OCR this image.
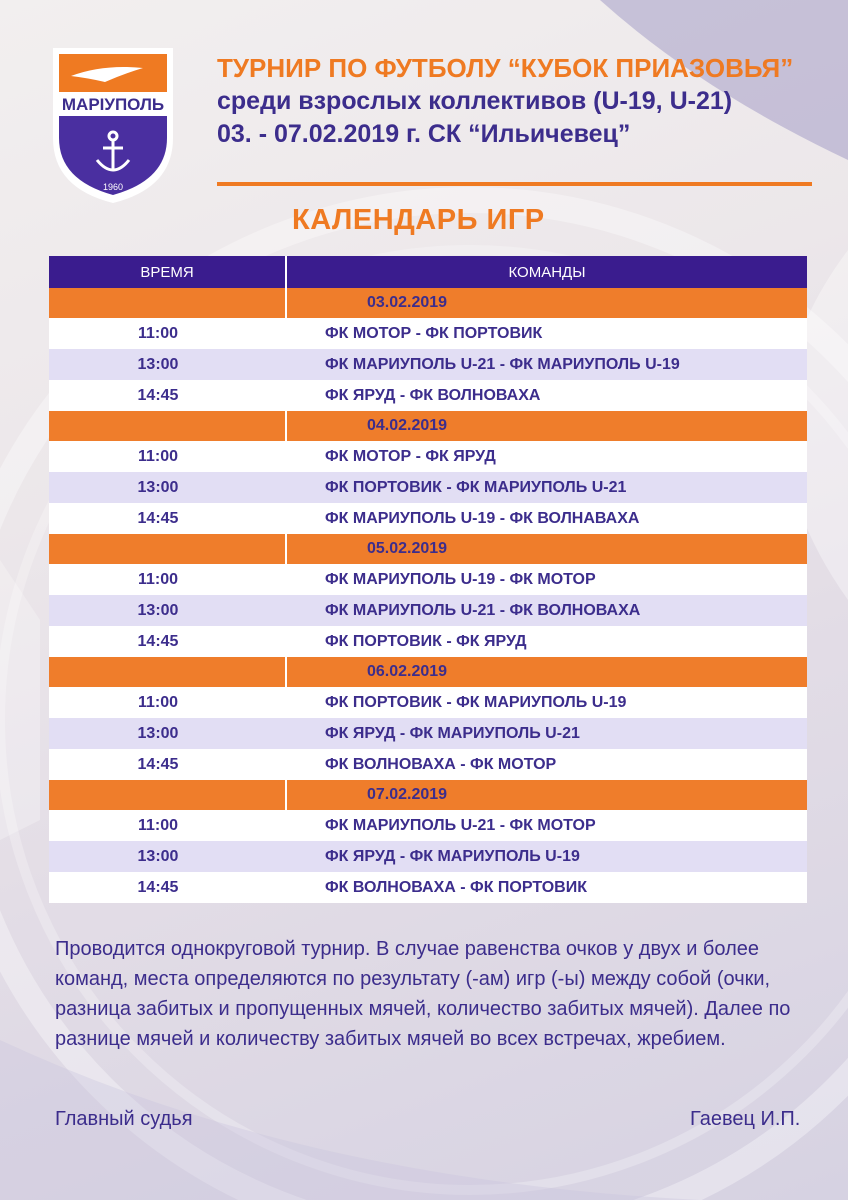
МАРІУПОЛЬ
1960

ТУРНИР ПО ФУТБОЛУ “КУБОК ПРИАЗОВЬЯ”

среди взрослых коллективов (U-19, U-21)

03. - 07.02.2019 г. СК “Ильичевец”

КАЛЕНДАРЬ ИГР
ВРЕМЯ	КОМАНДЫ
03.02.2019
11:00	ФК МОТОР - ФК ПОРТОВИК
13:00	ФК МАРИУПОЛЬ U-21 - ФК МАРИУПОЛЬ U-19
14:45	ФК ЯРУД - ФК ВОЛНОВАХА
04.02.2019
11:00	ФК МОТОР - ФК ЯРУД
13:00	ФК ПОРТОВИК - ФК МАРИУПОЛЬ U-21
14:45	ФК МАРИУПОЛЬ U-19 - ФК ВОЛНАВАХА
05.02.2019
11:00	ФК МАРИУПОЛЬ U-19 - ФК МОТОР
13:00	ФК МАРИУПОЛЬ U-21 - ФК ВОЛНОВАХА
14:45	ФК ПОРТОВИК - ФК ЯРУД
06.02.2019
11:00	ФК ПОРТОВИК - ФК МАРИУПОЛЬ U-19
13:00	ФК ЯРУД - ФК МАРИУПОЛЬ U-21
14:45	ФК ВОЛНОВАХА - ФК МОТОР
07.02.2019
11:00	ФК МАРИУПОЛЬ U-21 - ФК МОТОР
13:00	ФК ЯРУД - ФК МАРИУПОЛЬ U-19
14:45	ФК ВОЛНОВАХА - ФК ПОРТОВИК

Проводится однокруговой турнир. В случае равенства очков у двух и более команд, места определяются по результату (-ам) игр (-ы) между собой (очки, разница забитых и пропущенных мячей, количество забитых мячей). Далее по разнице мячей и количеству забитых мячей во всех встречах, жребием.

Главный судья	Гаевец И.П.
